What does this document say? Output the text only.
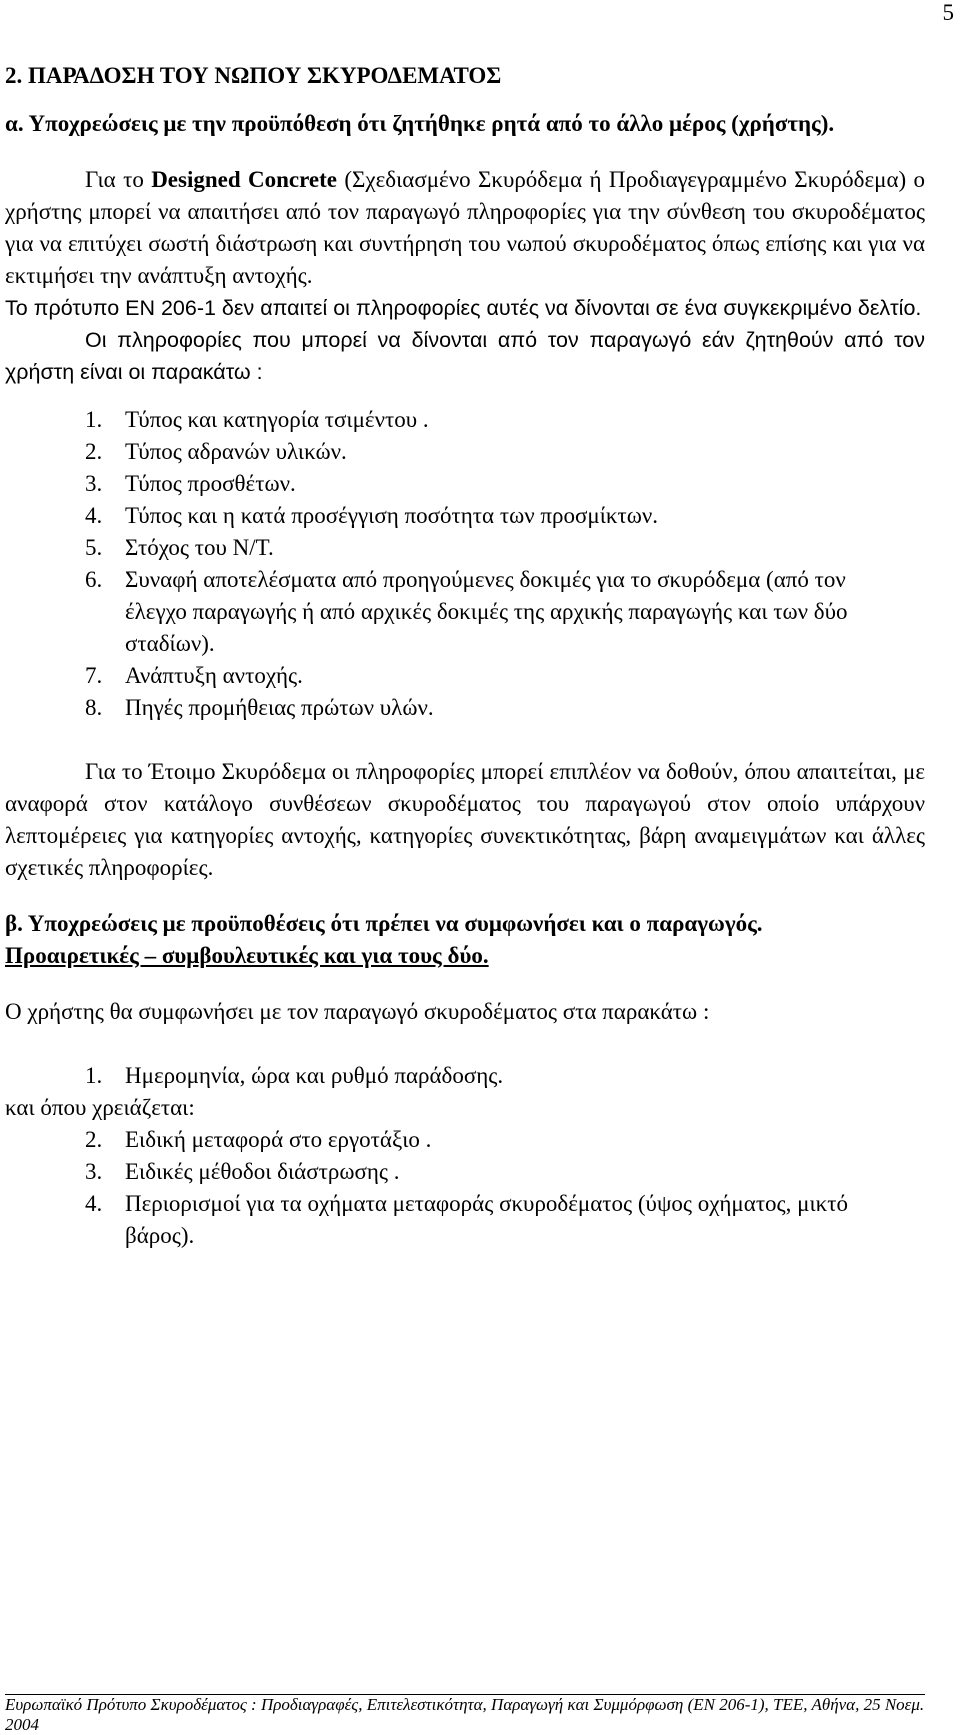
5

2. ΠΑΡΑΔΟΣΗ ΤΟΥ ΝΩΠΟΥ ΣΚΥΡΟΔΕΜΑΤΟΣ

α. Υποχρεώσεις με την προϋπόθεση ότι ζητήθηκε ρητά από το άλλο μέρος (χρήστης).

Για το Designed Concrete (Σχεδιασμένο Σκυρόδεμα ή Προδιαγεγραμμένο Σκυρόδεμα) ο χρήστης μπορεί να απαιτήσει από τον παραγωγό πληροφορίες για την σύνθεση του σκυροδέματος για να επιτύχει σωστή διάστρωση και συντήρηση του νωπού σκυροδέματος όπως επίσης και για να εκτιμήσει την ανάπτυξη αντοχής.

Το πρότυπο ΕΝ 206-1 δεν απαιτεί οι πληροφορίες αυτές να δίνονται σε ένα συγκεκριμένο δελτίο.

Οι πληροφορίες που μπορεί να δίνονται από τον παραγωγό εάν ζητηθούν από τον χρήστη είναι οι παρακάτω :

1. Τύπος και κατηγορία τσιμέντου .
2. Τύπος αδρανών υλικών.
3. Τύπος προσθέτων.
4. Τύπος και η κατά προσέγγιση ποσότητα των προσμίκτων.
5. Στόχος του Ν/Τ.
6. Συναφή αποτελέσματα από προηγούμενες δοκιμές για το σκυρόδεμα (από τον έλεγχο παραγωγής ή από αρχικές δοκιμές της αρχικής παραγωγής και των δύο σταδίων).
7. Ανάπτυξη αντοχής.
8. Πηγές προμήθειας πρώτων υλών.

Για το Έτοιμο Σκυρόδεμα οι πληροφορίες μπορεί επιπλέον να δοθούν, όπου απαιτείται, με αναφορά στον κατάλογο συνθέσεων σκυροδέματος του παραγωγού στον οποίο υπάρχουν λεπτομέρειες για κατηγορίες αντοχής, κατηγορίες συνεκτικότητας, βάρη αναμειγμάτων και άλλες σχετικές πληροφορίες.

β. Υποχρεώσεις με προϋποθέσεις ότι πρέπει να συμφωνήσει και ο παραγωγός.

Προαιρετικές – συμβουλευτικές και για τους δύο.

Ο χρήστης θα συμφωνήσει με τον παραγωγό σκυροδέματος στα παρακάτω :

1. Ημερομηνία, ώρα και ρυθμό παράδοσης.

και όπου χρειάζεται:

2. Ειδική μεταφορά στο εργοτάξιο .
3. Ειδικές μέθοδοι διάστρωσης .
4. Περιορισμοί για τα οχήματα μεταφοράς σκυροδέματος (ύψος οχήματος, μικτό βάρος).
Ευρωπαϊκό Πρότυπο Σκυροδέματος : Προδιαγραφές, Επιτελεστικότητα, Παραγωγή και Συμμόρφωση (ΕΝ 206-1), ΤΕΕ, Αθήνα, 25 Νοεμ. 2004
